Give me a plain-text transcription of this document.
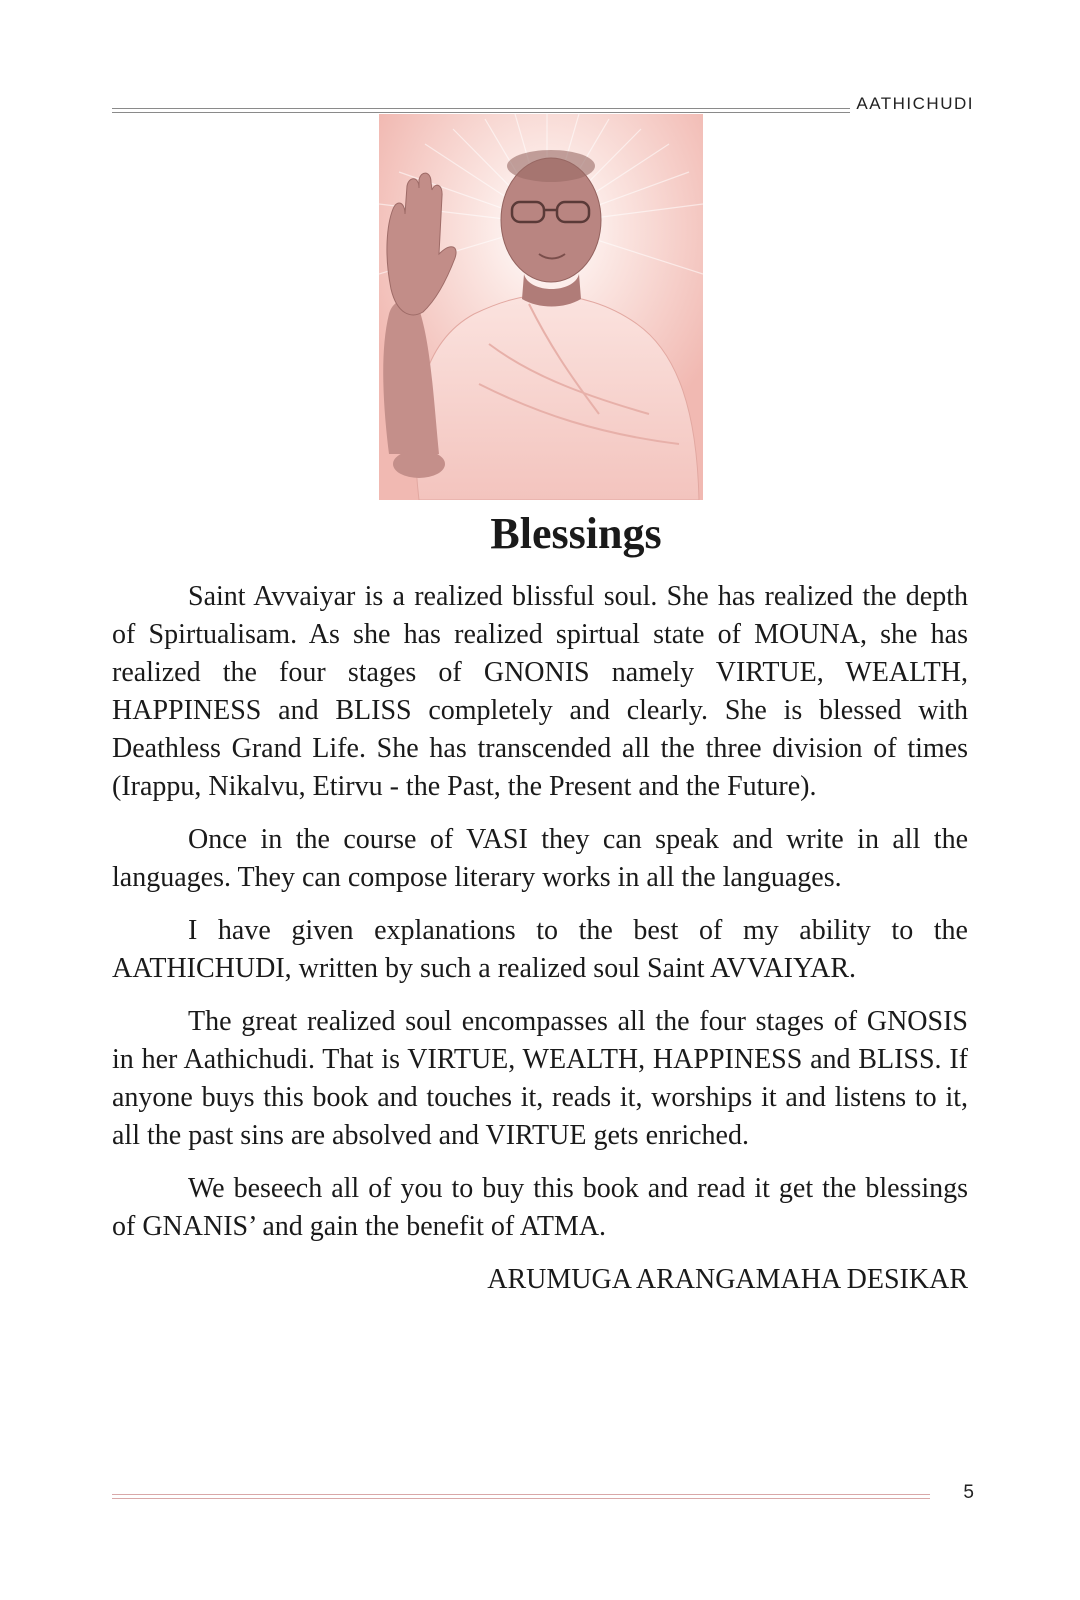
AATHICHUDI
Blessings

Saint Avvaiyar is a realized blissful soul. She has realized the depth of Spirtualisam. As she has realized spirtual state of MOUNA, she has realized the four stages of GNONIS namely VIRTUE, WEALTH, HAPPINESS and BLISS completely and clearly. She is blessed with Deathless Grand Life. She has transcended all the three division of times (Irappu, Nikalvu, Etirvu - the Past, the Present and the Future).

Once in the course of VASI they can speak and write in all the languages. They can compose literary works in all the languages.

I have given explanations to the best of my ability to the AATHICHUDI, written by such a realized soul Saint AVVAIYAR.

The great realized soul encompasses all the four stages of GNOSIS in her Aathichudi. That is VIRTUE, WEALTH, HAPPINESS and BLISS. If anyone buys this book and touches it, reads it, worships it and listens to it, all the past sins are absolved and VIRTUE gets enriched.

We beseech all of you to buy this book and read it get the blessings of GNANIS’ and gain the benefit of ATMA.

ARUMUGA ARANGAMAHA DESIKAR
5
